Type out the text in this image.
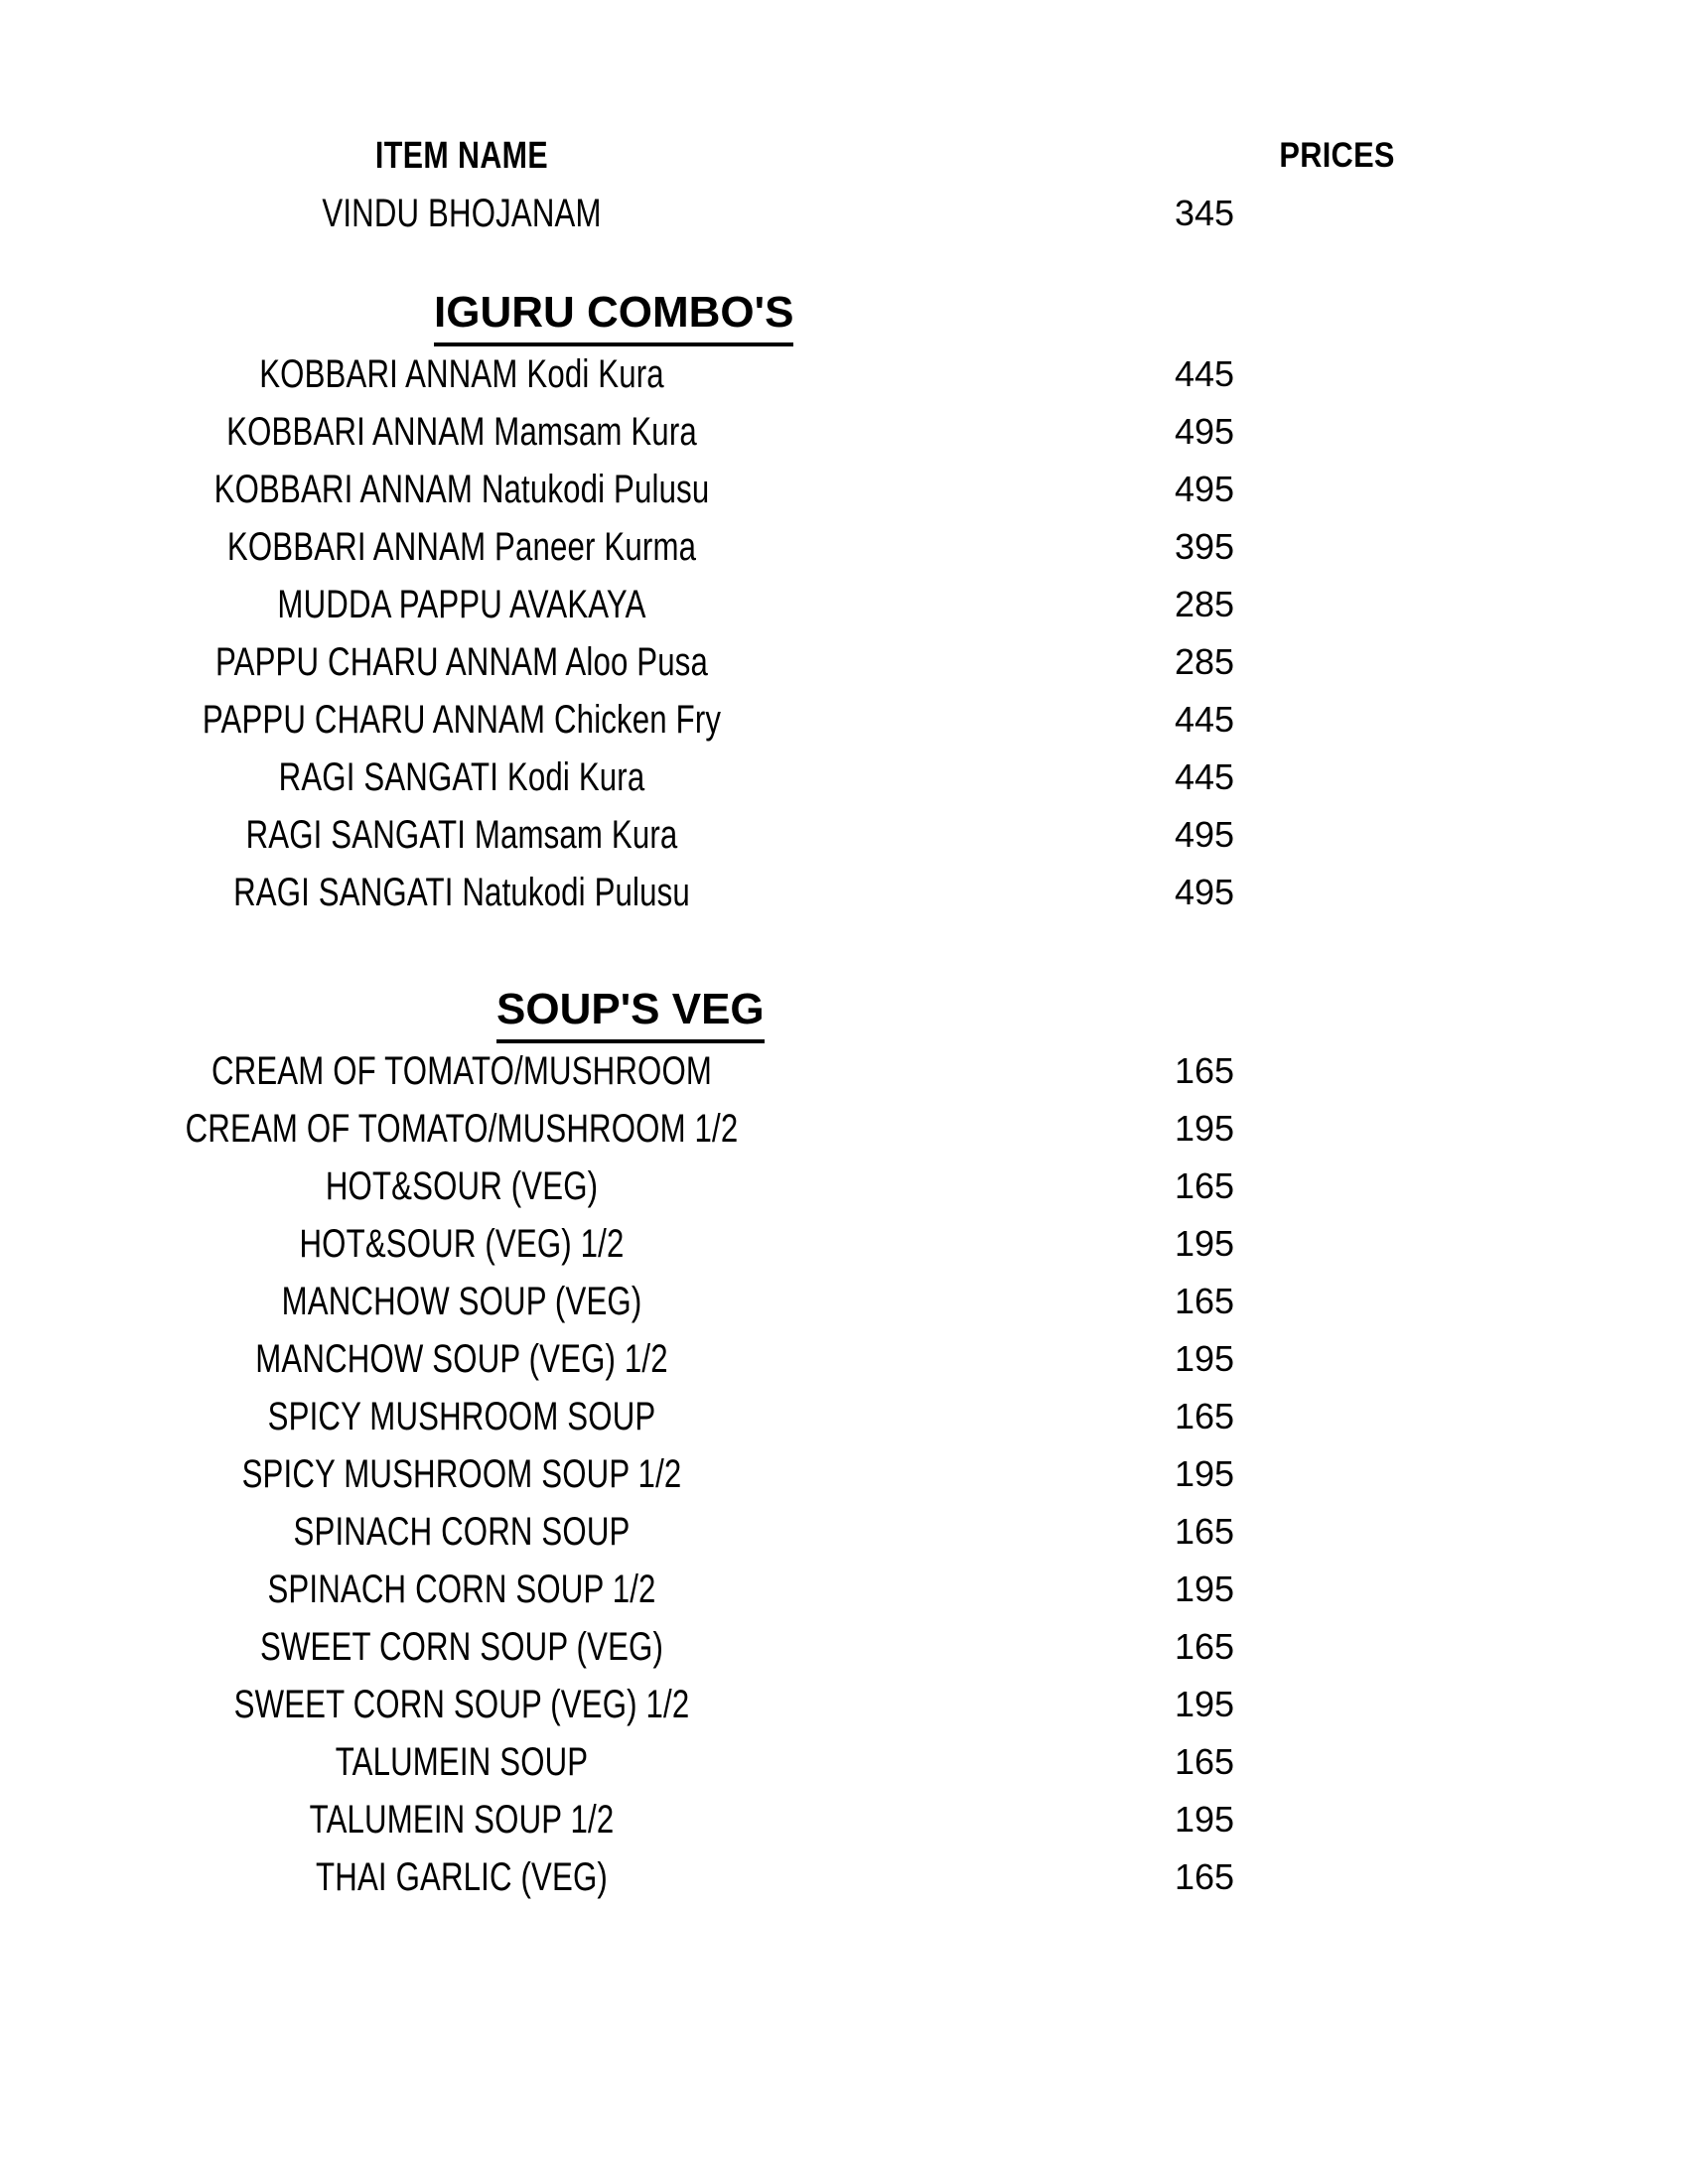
ITEM NAME	PRICES
VINDU BHOJANAM	345
IGURU COMBO'S
KOBBARI ANNAM Kodi Kura	445
KOBBARI ANNAM Mamsam Kura	495
KOBBARI ANNAM Natukodi Pulusu	495
KOBBARI ANNAM Paneer Kurma	395
MUDDA PAPPU AVAKAYA	285
PAPPU CHARU ANNAM Aloo Pusa	285
PAPPU CHARU ANNAM Chicken Fry	445
RAGI SANGATI Kodi Kura	445
RAGI SANGATI Mamsam Kura	495
RAGI SANGATI Natukodi Pulusu	495
SOUP'S VEG
CREAM OF TOMATO/MUSHROOM	165
CREAM OF TOMATO/MUSHROOM 1/2	195
HOT&SOUR (VEG)	165
HOT&SOUR (VEG) 1/2	195
MANCHOW SOUP (VEG)	165
MANCHOW SOUP (VEG) 1/2	195
SPICY MUSHROOM SOUP	165
SPICY MUSHROOM SOUP 1/2	195
SPINACH CORN SOUP	165
SPINACH CORN SOUP 1/2	195
SWEET CORN SOUP (VEG)	165
SWEET CORN SOUP (VEG) 1/2	195
TALUMEIN SOUP	165
TALUMEIN SOUP 1/2	195
THAI GARLIC (VEG)	165
